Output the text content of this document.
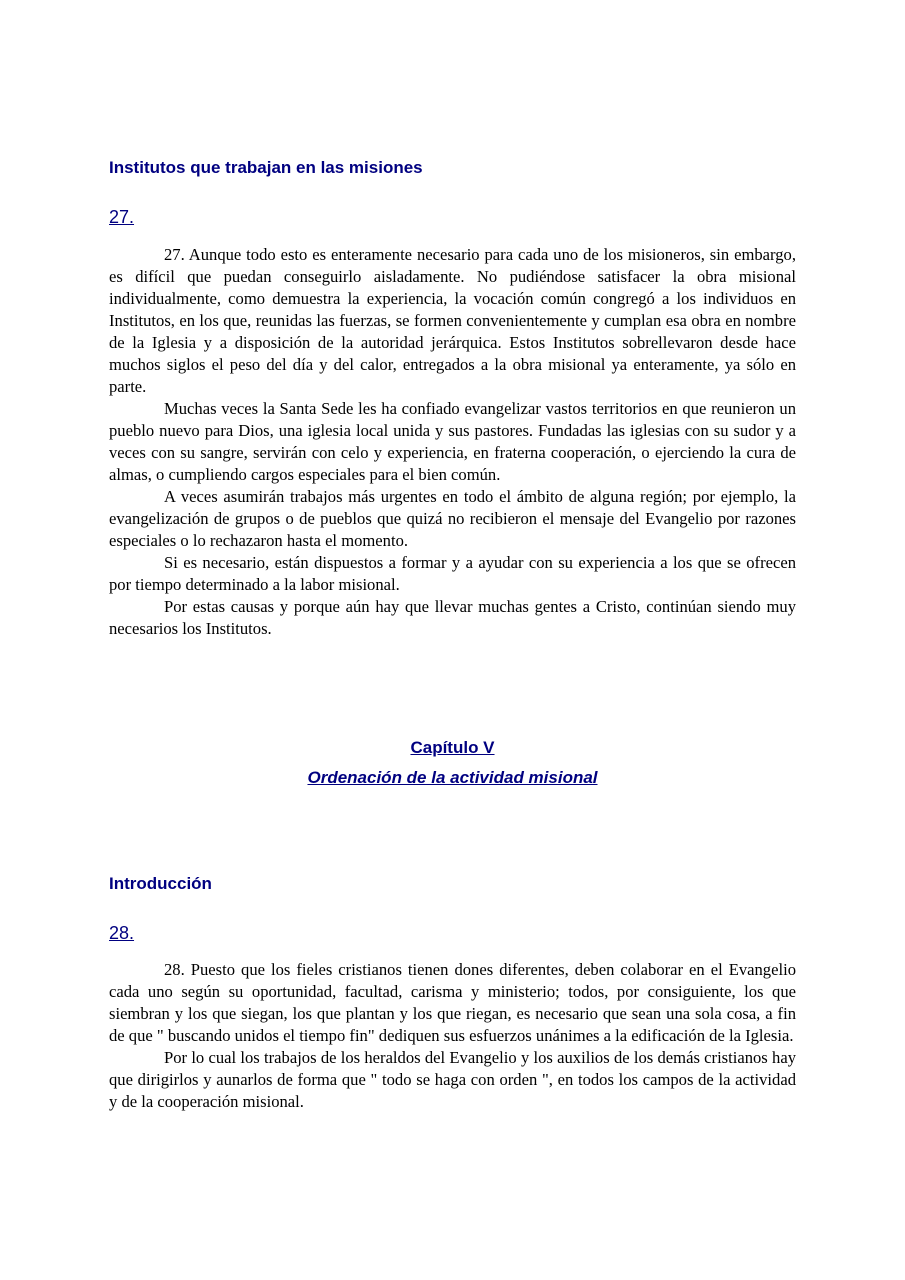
Institutos que trabajan en las misiones
27.

27. Aunque todo esto es enteramente necesario para cada uno de los misioneros, sin embargo, es difícil que puedan conseguirlo aisladamente. No pudiéndose satisfacer la obra misional individualmente, como demuestra la experiencia, la vocación común congregó a los individuos en Institutos, en los que, reunidas las fuerzas, se formen convenientemente y cumplan esa obra en nombre de la Iglesia y a disposición de la autoridad jerárquica. Estos Institutos sobrellevaron desde hace muchos siglos el peso del día y del calor, entregados a la obra misional ya enteramente, ya sólo en parte.

Muchas veces la Santa Sede les ha confiado evangelizar vastos territorios en que reunieron un pueblo nuevo para Dios, una iglesia local unida y sus pastores. Fundadas las iglesias con su sudor y a veces con su sangre, servirán con celo y experiencia, en fraterna cooperación, o ejerciendo la cura de almas, o cumpliendo cargos especiales para el bien común.

A veces asumirán trabajos más urgentes en todo el ámbito de alguna región; por ejemplo, la evangelización de grupos o de pueblos que quizá no recibieron el mensaje del Evangelio por razones especiales o lo rechazaron hasta el momento.

Si es necesario, están dispuestos a formar y a ayudar con su experiencia a los que se ofrecen por tiempo determinado a la labor misional.

Por estas causas y porque aún hay que llevar muchas gentes a Cristo, continúan siendo muy necesarios los Institutos.

Capítulo V
Ordenación de la actividad misional
Introducción
28.

28. Puesto que los fieles cristianos tienen dones diferentes, deben colaborar en el Evangelio cada uno según su oportunidad, facultad, carisma y ministerio; todos, por consiguiente, los que siembran y los que siegan, los que plantan y los que riegan, es necesario que sean una sola cosa, a fin de que " buscando unidos el tiempo fin" dediquen sus esfuerzos unánimes a la edificación de la Iglesia.

Por lo cual los trabajos de los heraldos del Evangelio y los auxilios de los demás cristianos hay que dirigirlos y aunarlos de forma que " todo se haga con orden ", en todos los campos de la actividad y de la cooperación misional.
